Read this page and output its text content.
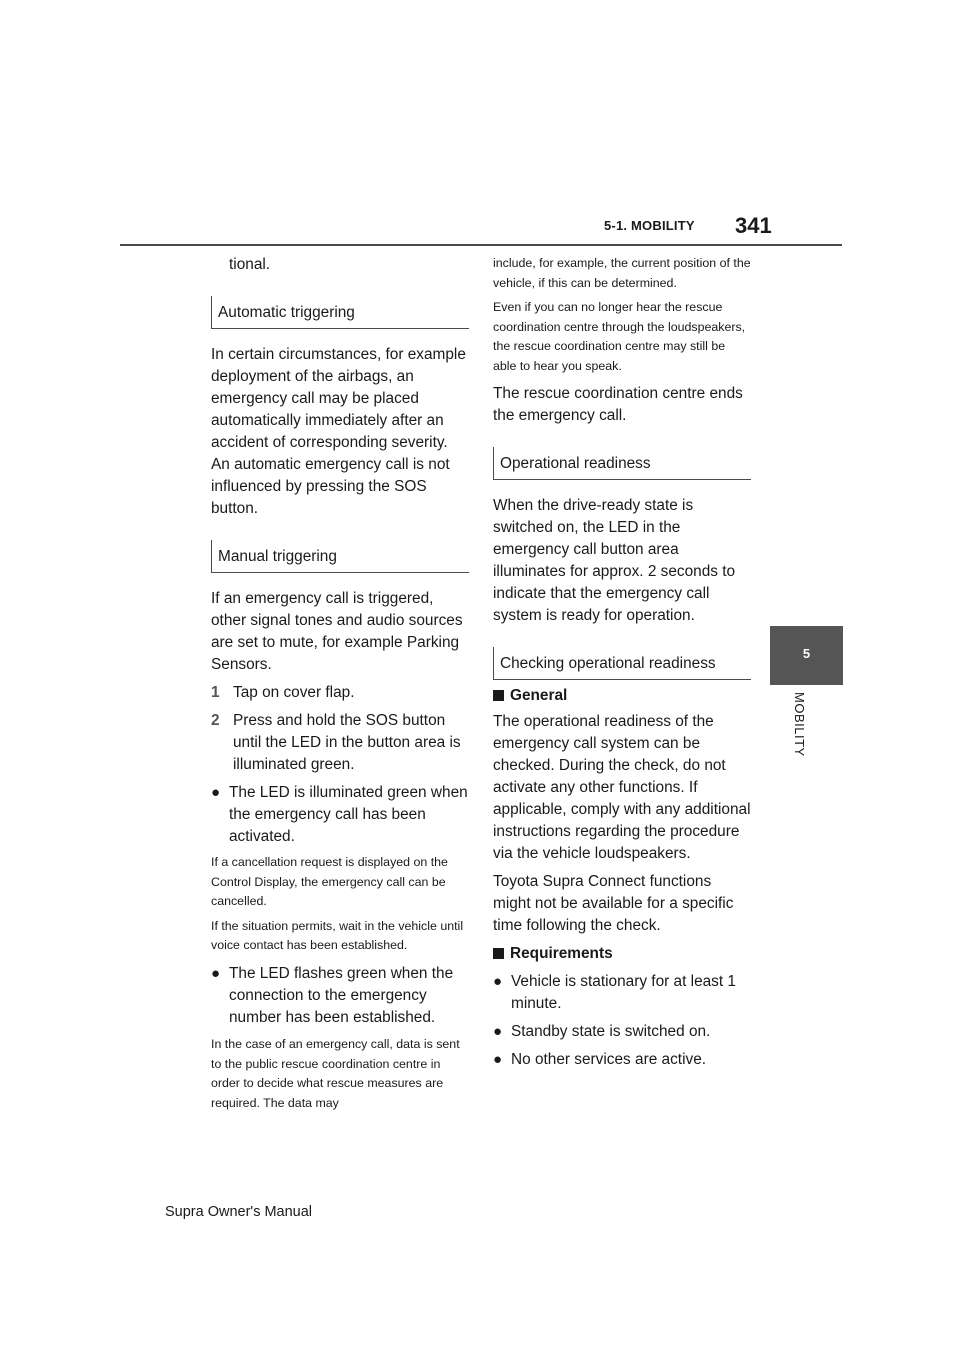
5-1. MOBILITY 341
5
MOBILITY

tional.

Automatic triggering

In certain circumstances, for example deployment of the airbags, an emergency call may be placed automatically immediately after an accident of corresponding severity. An automatic emergency call is not influenced by pressing the SOS button.

Manual triggering

If an emergency call is triggered, other signal tones and audio sources are set to mute, for example Parking Sensors.

1 Tap on cover flap.
2 Press and hold the SOS button until the LED in the button area is illuminated green.
● The LED is illuminated green when the emergency call has been activated.

If a cancellation request is displayed on the Control Display, the emergency call can be cancelled.

If the situation permits, wait in the vehicle until voice contact has been established.

● The LED flashes green when the connection to the emergency number has been established.

In the case of an emergency call, data is sent to the public rescue coordination centre in order to decide what rescue measures are required. The data may

include, for example, the current position of the vehicle, if this can be determined.

Even if you can no longer hear the rescue coordination centre through the loudspeakers, the rescue coordination centre may still be able to hear you speak.

The rescue coordination centre ends the emergency call.

Operational readiness

When the drive-ready state is switched on, the LED in the emergency call button area illuminates for approx. 2 seconds to indicate that the emergency call system is ready for operation.

Checking operational readiness
General

The operational readiness of the emergency call system can be checked. During the check, do not activate any other functions. If applicable, comply with any additional instructions regarding the procedure via the vehicle loudspeakers.

Toyota Supra Connect functions might not be available for a specific time following the check.

Requirements
● Vehicle is stationary for at least 1 minute.
● Standby state is switched on.
● No other services are active.
Supra Owner's Manual
